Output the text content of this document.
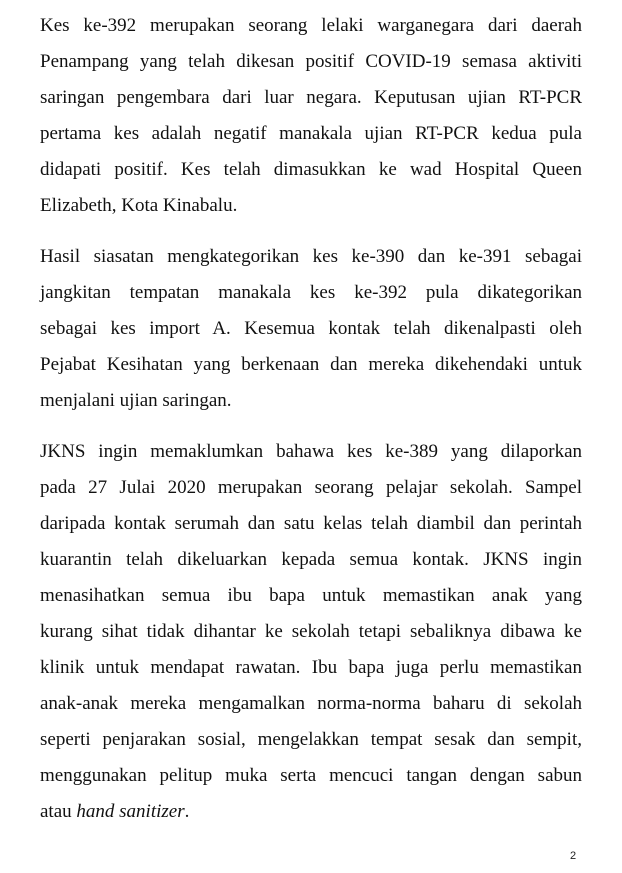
Kes ke-392 merupakan seorang lelaki warganegara dari daerah
Penampang yang telah dikesan positif COVID-19 semasa aktiviti
saringan pengembara dari luar negara. Keputusan ujian RT-PCR
pertama kes adalah negatif manakala ujian RT-PCR kedua pula
didapati positif. Kes telah dimasukkan ke wad Hospital Queen
Elizabeth, Kota Kinabalu.

Hasil siasatan mengkategorikan kes ke-390 dan ke-391 sebagai
jangkitan tempatan manakala kes ke-392 pula dikategorikan
sebagai kes import A. Kesemua kontak telah dikenalpasti oleh
Pejabat Kesihatan yang berkenaan dan mereka dikehendaki untuk
menjalani ujian saringan.

JKNS ingin memaklumkan bahawa kes ke-389 yang dilaporkan
pada 27 Julai 2020 merupakan seorang pelajar sekolah. Sampel
daripada kontak serumah dan satu kelas telah diambil dan perintah
kuarantin telah dikeluarkan kepada semua kontak. JKNS ingin
menasihatkan semua ibu bapa untuk memastikan anak yang
kurang sihat tidak dihantar ke sekolah tetapi sebaliknya dibawa ke
klinik untuk mendapat rawatan. Ibu bapa juga perlu memastikan
anak-anak mereka mengamalkan norma-norma baharu di sekolah
seperti penjarakan sosial, mengelakkan tempat sesak dan sempit,
menggunakan pelitup muka serta mencuci tangan dengan sabun
atau hand sanitizer.

2
